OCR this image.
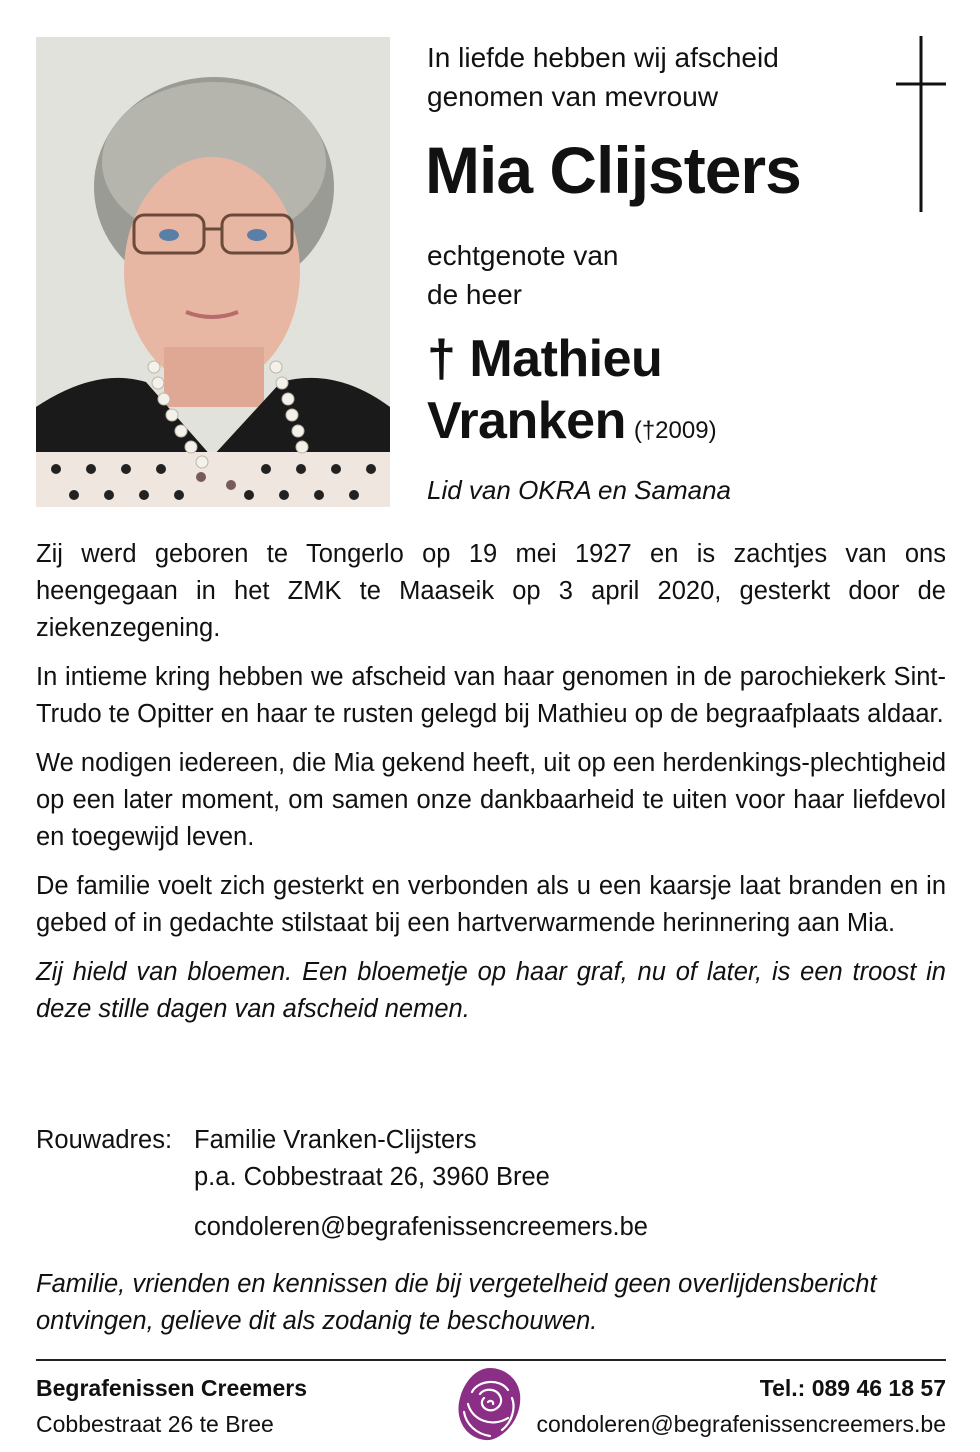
In liefde hebben wij afscheid
genomen van mevrouw
Mia Clijsters
echtgenote van
de heer
† Mathieu
Vranken (†2009)
Lid van OKRA en Samana

Zij werd geboren te Tongerlo op 19 mei 1927 en is zachtjes van ons heengegaan in het ZMK te Maaseik op 3 april 2020, gesterkt door de ziekenzegening.

In intieme kring hebben we afscheid van haar genomen in de parochiekerk Sint-Trudo te Opitter en haar te rusten gelegd bij Mathieu op de begraafplaats aldaar.

We nodigen iedereen, die Mia gekend heeft, uit op een herdenkings-plechtigheid op een later moment, om samen onze dankbaarheid te uiten voor haar liefdevol en toegewijd leven.

De familie voelt zich gesterkt en verbonden als u een kaarsje laat branden en in gebed of in gedachte stilstaat bij een hartverwarmende herinnering aan Mia.

Zij hield van bloemen. Een bloemetje op haar graf, nu of later, is een troost in deze stille dagen van afscheid nemen.

Rouwadres: Familie Vranken-Clijsters
p.a. Cobbestraat 26, 3960 Bree
condoleren@begrafenissencreemers.be
Familie, vrienden en kennissen die bij vergetelheid geen overlijdensbericht ontvingen, gelieve dit als zodanig te beschouwen.
Begrafenissen Creemers
Cobbestraat 26 te Bree
Tel.: 089 46 18 57
condoleren@begrafenissencreemers.be
